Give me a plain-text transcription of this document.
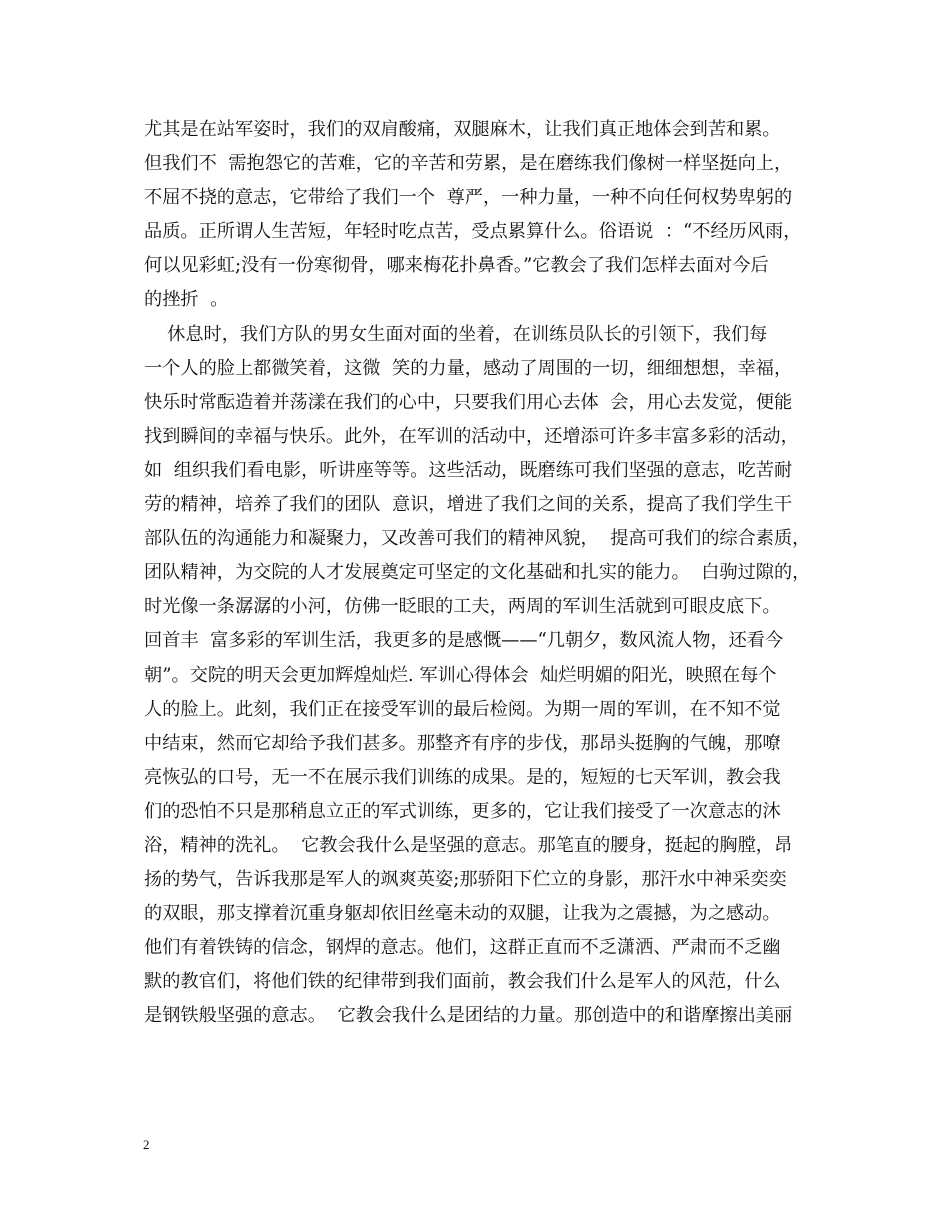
尤其是在站军姿时，我们的双肩酸痛，双腿麻木，让我们真正地体会到苦和累。
但我们不  需抱怨它的苦难，它的辛苦和劳累，是在磨练我们像树一样坚挺向上，
不屈不挠的意志，它带给了我们一个  尊严，一种力量，一种不向任何权势卑躬的
品质。正所谓人生苦短，年轻时吃点苦，受点累算什么。俗语说  ：“不经历风雨，
何以见彩虹;没有一份寒彻骨，哪来梅花扑鼻香。”它教会了我们怎样去面对今后
的挫折  。
休息时，我们方队的男女生面对面的坐着，在训练员队长的引领下，我们每
一个人的脸上都微笑着，这微  笑的力量，感动了周围的一切，细细想想，幸福，
快乐时常酝造着并荡漾在我们的心中，只要我们用心去体  会，用心去发觉，便能
找到瞬间的幸福与快乐。此外，在军训的活动中，还增添可许多丰富多彩的活动，
如  组织我们看电影，听讲座等等。这些活动，既磨练可我们坚强的意志，吃苦耐
劳的精神，培养了我们的团队  意识，增进了我们之间的关系，提高了我们学生干
部队伍的沟通能力和凝聚力，又改善可我们的精神风貌，  提高可我们的综合素质，
团队精神，为交院的人才发展奠定可坚定的文化基础和扎实的能力。  白驹过隙的，
时光像一条潺潺的小河，仿佛一眨眼的工夫，两周的军训生活就到可眼皮底下。
回首丰  富多彩的军训生活，我更多的是感慨——“几朝夕，数风流人物，还看今
朝”。交院的明天会更加辉煌灿烂. 军训心得体会  灿烂明媚的阳光，映照在每个
人的脸上。此刻，我们正在接受军训的最后检阅。为期一周的军训，在不知不觉
中结束，然而它却给予我们甚多。那整齐有序的步伐，那昂头挺胸的气魄，那嘹
亮恢弘的口号，无一不在展示我们训练的成果。是的，短短的七天军训，教会我
们的恐怕不只是那稍息立正的军式训练，更多的，它让我们接受了一次意志的沐
浴，精神的洗礼。  它教会我什么是坚强的意志。那笔直的腰身，挺起的胸膛，昂
扬的势气，告诉我那是军人的飒爽英姿;那骄阳下伫立的身影，那汗水中神采奕奕
的双眼，那支撑着沉重身躯却依旧丝毫未动的双腿，让我为之震撼，为之感动。
他们有着铁铸的信念，钢焊的意志。他们，这群正直而不乏潇洒、严肃而不乏幽
默的教官们，将他们铁的纪律带到我们面前，教会我们什么是军人的风范，什么
是钢铁般坚强的意志。  它教会我什么是团结的力量。那创造中的和谐摩擦出美丽
2
